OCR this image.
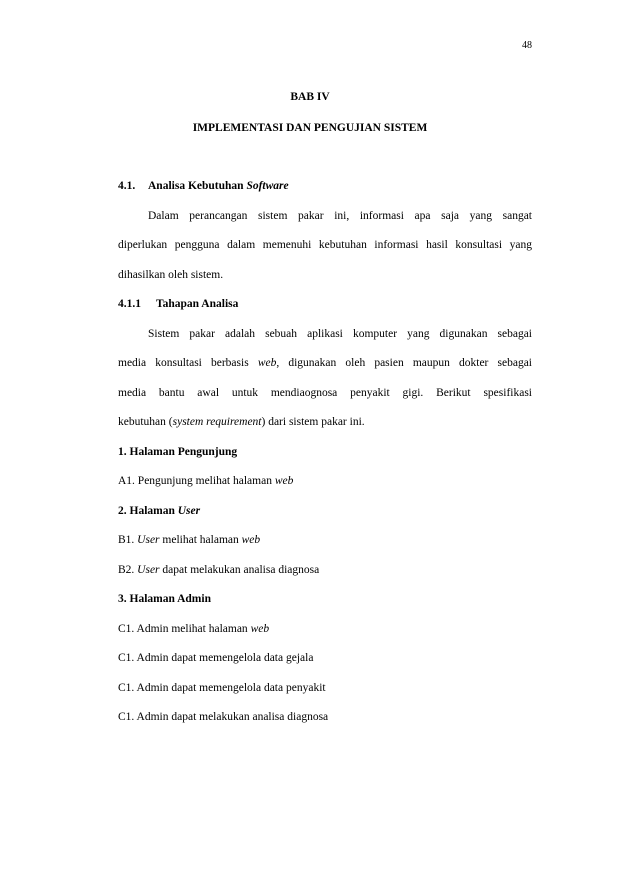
48
BAB IV
IMPLEMENTASI DAN PENGUJIAN SISTEM
4.1. Analisa Kebutuhan Software
Dalam perancangan sistem pakar ini, informasi apa saja yang sangat
diperlukan pengguna dalam memenuhi kebutuhan informasi hasil konsultasi yang
dihasilkan oleh sistem.
4.1.1 Tahapan Analisa
Sistem pakar adalah sebuah aplikasi komputer yang digunakan sebagai
media konsultasi berbasis web, digunakan oleh pasien maupun dokter sebagai
media bantu awal untuk mendiaognosa penyakit gigi. Berikut spesifikasi
kebutuhan (system requirement) dari sistem pakar ini.
1. Halaman Pengunjung
A1. Pengunjung melihat halaman web
2. Halaman User
B1. User melihat halaman web
B2. User dapat melakukan analisa diagnosa
3. Halaman Admin
C1. Admin melihat halaman web
C1. Admin dapat memengelola data gejala
C1. Admin dapat memengelola data penyakit
C1. Admin dapat melakukan analisa diagnosa
